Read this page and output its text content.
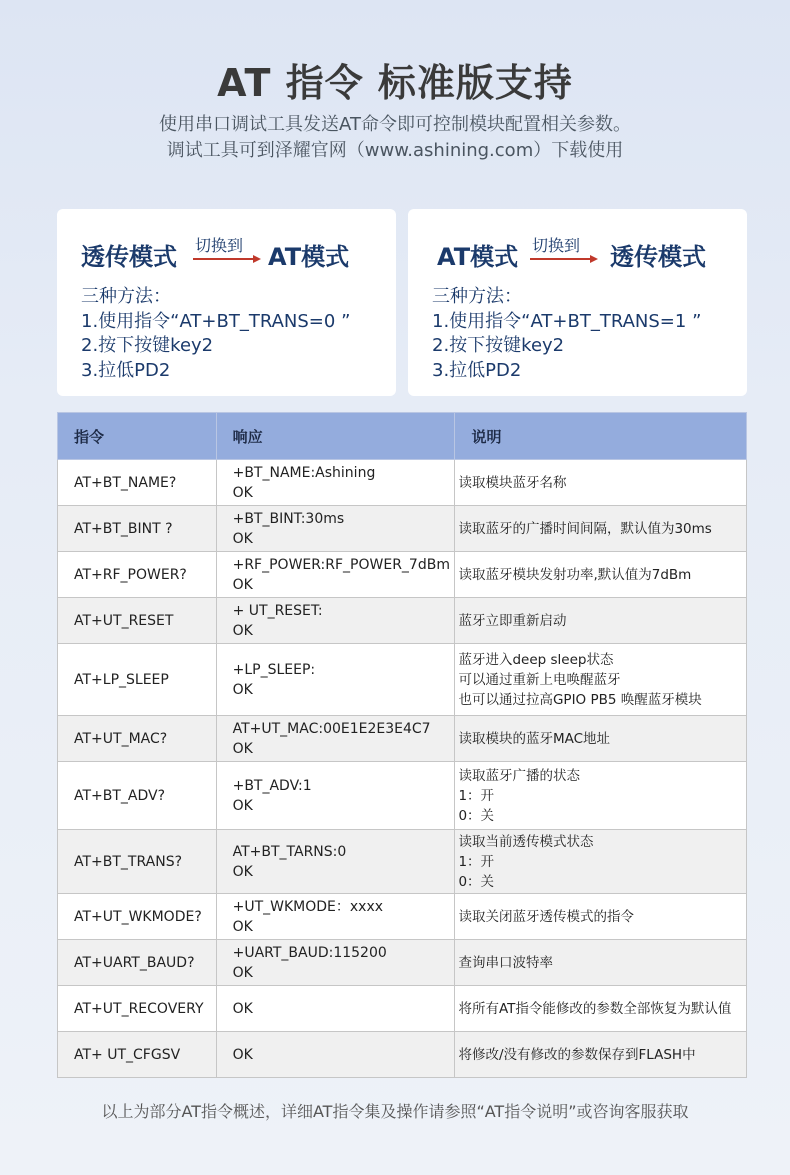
AT 指令 标准版支持
使用串口调试工具发送AT命令即可控制模块配置相关参数。
调试工具可到泽耀官网（www.ashining.com）下载使用
透传模式 切换到 AT模式
三种方法：
1.使用指令“AT+BT_TRANS=0 ”
2.按下按键key2
3.拉低PD2
AT模式 切换到 透传模式
三种方法：
1.使用指令“AT+BT_TRANS=1 ”
2.按下按键key2
3.拉低PD2
指令	响应	说明
AT+BT_NAME?	+BT_NAME:Ashining
OK	读取模块蓝牙名称

AT+BT_BINT ?	+BT_BINT:30ms
OK	读取蓝牙的广播时间间隔，默认值为30ms

AT+RF_POWER?	+RF_POWER:RF_POWER_7dBm
OK	读取蓝牙模块发射功率,默认值为7dBm

AT+UT_RESET	+ UT_RESET:
OK	蓝牙立即重新启动

AT+LP_SLEEP	+LP_SLEEP:
OK	蓝牙进入deep sleep状态
可以通过重新上电唤醒蓝牙
也可以通过拉高GPIO PB5 唤醒蓝牙模块

AT+UT_MAC?	AT+UT_MAC:00E1E2E3E4C7
OK	读取模块的蓝牙MAC地址

AT+BT_ADV?	+BT_ADV:1
OK	读取蓝牙广播的状态
1：开
0：关

AT+BT_TRANS?	AT+BT_TARNS:0
OK	读取当前透传模式状态
1：开
0：关

AT+UT_WKMODE?	+UT_WKMODE：xxxx
OK	读取关闭蓝牙透传模式的指令

AT+UART_BAUD?	+UART_BAUD:115200
OK	查询串口波特率

AT+UT_RECOVERY	OK	将所有AT指令能修改的参数全部恢复为默认值

AT+ UT_CFGSV	OK	将修改/没有修改的参数保存到FLASH中
以上为部分AT指令概述，详细AT指令集及操作请参照“AT指令说明”或咨询客服获取
